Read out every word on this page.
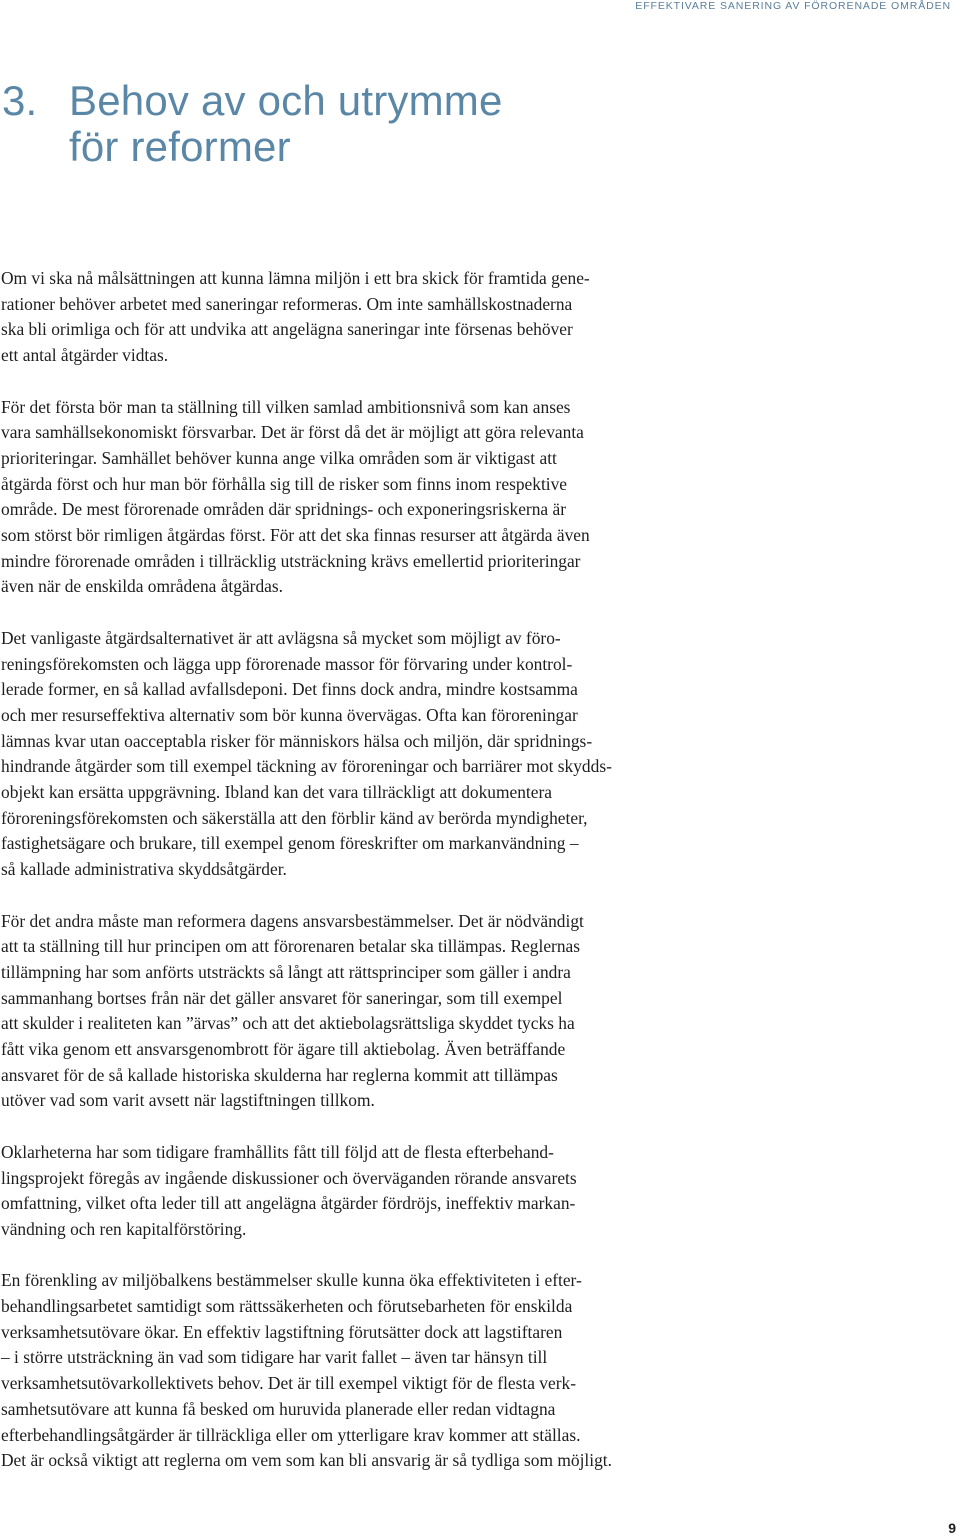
EFFEKTIVARE SANERING AV FÖRORENADE OMRÅDEN
3. Behov av och utrymme
för reformer

Om vi ska nå målsättningen att kunna lämna miljön i ett bra skick för framtida gene-
rationer behöver arbetet med saneringar reformeras. Om inte samhällskostnaderna
ska bli orimliga och för att undvika att angelägna saneringar inte försenas behöver
ett antal åtgärder vidtas.

För det första bör man ta ställning till vilken samlad ambitionsnivå som kan anses
vara samhällsekonomiskt försvarbar. Det är först då det är möjligt att göra relevanta
prioriteringar. Samhället behöver kunna ange vilka områden som är viktigast att
åtgärda först och hur man bör förhålla sig till de risker som finns inom respektive
område. De mest förorenade områden där spridnings- och exponeringsriskerna är
som störst bör rimligen åtgärdas först. För att det ska finnas resurser att åtgärda även
mindre förorenade områden i tillräcklig utsträckning krävs emellertid prioriteringar
även när de enskilda områdena åtgärdas.

Det vanligaste åtgärdsalternativet är att avlägsna så mycket som möjligt av föro-
reningsförekomsten och lägga upp förorenade massor för förvaring under kontrol-
lerade former, en så kallad avfallsdeponi. Det finns dock andra, mindre kostsamma
och mer resurseffektiva alternativ som bör kunna övervägas. Ofta kan föroreningar
lämnas kvar utan oacceptabla risker för människors hälsa och miljön, där spridnings-
hindrande åtgärder som till exempel täckning av föroreningar och barriärer mot skydds-
objekt kan ersätta uppgrävning. Ibland kan det vara tillräckligt att dokumentera
föroreningsförekomsten och säkerställa att den förblir känd av berörda myndigheter,
fastighetsägare och brukare, till exempel genom föreskrifter om markanvändning –
så kallade administrativa skyddsåtgärder.

För det andra måste man reformera dagens ansvarsbestämmelser. Det är nödvändigt
att ta ställning till hur principen om att förorenaren betalar ska tillämpas. Reglernas
tillämpning har som anförts utsträckts så långt att rättsprinciper som gäller i andra
sammanhang bortses från när det gäller ansvaret för saneringar, som till exempel
att skulder i realiteten kan ”ärvas” och att det aktiebolagsrättsliga skyddet tycks ha
fått vika genom ett ansvarsgenombrott för ägare till aktiebolag. Även beträffande
ansvaret för de så kallade historiska skulderna har reglerna kommit att tillämpas
utöver vad som varit avsett när lagstiftningen tillkom.

Oklarheterna har som tidigare framhållits fått till följd att de flesta efterbehand-
lingsprojekt föregås av ingående diskussioner och överväganden rörande ansvarets
omfattning, vilket ofta leder till att angelägna åtgärder fördröjs, ineffektiv markan-
vändning och ren kapitalförstöring.

En förenkling av miljöbalkens bestämmelser skulle kunna öka effektiviteten i efter-
behandlingsarbetet samtidigt som rättssäkerheten och förutsebarheten för enskilda
verksamhetsutövare ökar. En effektiv lagstiftning förutsätter dock att lagstiftaren
– i större utsträckning än vad som tidigare har varit fallet – även tar hänsyn till
verksamhetsutövarkollektivets behov. Det är till exempel viktigt för de flesta verk-
samhetsutövare att kunna få besked om huruvida planerade eller redan vidtagna
efterbehandlingsåtgärder är tillräckliga eller om ytterligare krav kommer att ställas.
Det är också viktigt att reglerna om vem som kan bli ansvarig är så tydliga som möjligt.

9
